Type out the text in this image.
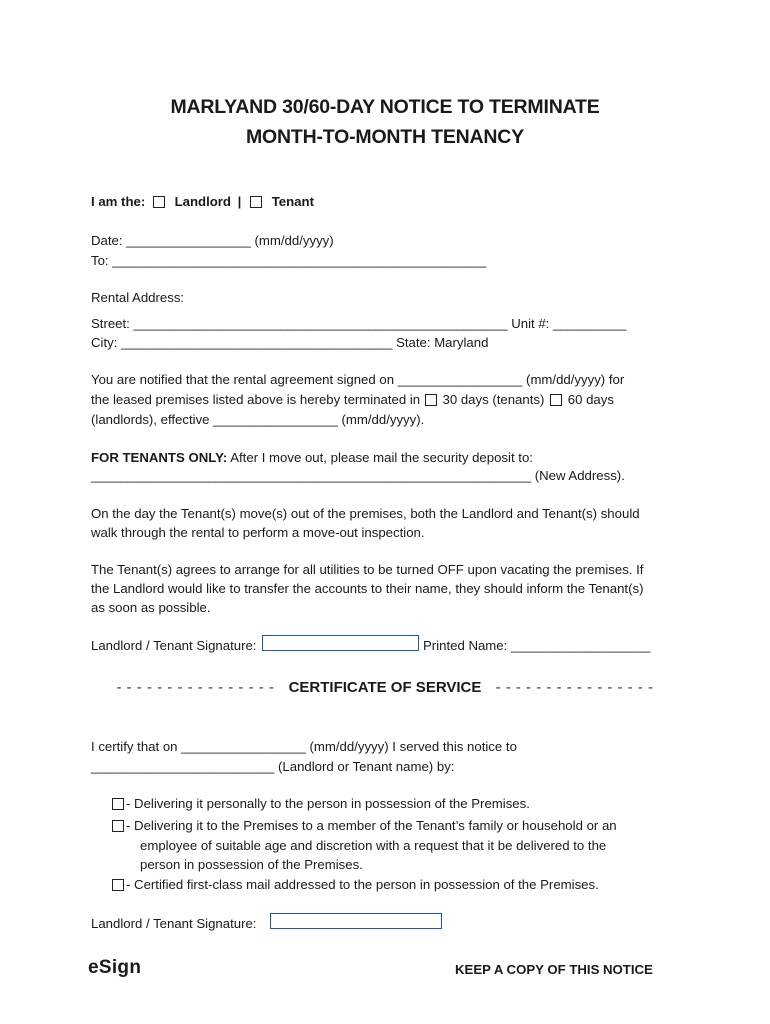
MARLYAND 30/60-DAY NOTICE TO TERMINATE
MONTH-TO-MONTH TENANCY
I am the: Landlord | Tenant
Date: _________________ (mm/dd/yyyy)
To: ___________________________________________________
Rental Address:
Street: ___________________________________________________ Unit #: __________
City: _____________________________________ State: Maryland
You are notified that the rental agreement signed on _________________ (mm/dd/yyyy) for
the leased premises listed above is hereby terminated in 30 days (tenants) 60 days
(landlords), effective _________________ (mm/dd/yyyy).
FOR TENANTS ONLY: After I move out, please mail the security deposit to:
____________________________________________________________ (New Address).
On the day the Tenant(s) move(s) out of the premises, both the Landlord and Tenant(s) should
walk through the rental to perform a move-out inspection.
The Tenant(s) agrees to arrange for all utilities to be turned OFF upon vacating the premises. If
the Landlord would like to transfer the accounts to their name, they should inform the Tenant(s)
as soon as possible.
Landlord / Tenant Signature:	Printed Name: ___________________
- - - - - - - - - - - - - - - - CERTIFICATE OF SERVICE - - - - - - - - - - - - - - - -
I certify that on _________________ (mm/dd/yyyy) I served this notice to
_________________________ (Landlord or Tenant name) by:
- Delivering it personally to the person in possession of the Premises.
- Delivering it to the Premises to a member of the Tenant’s family or household or an
employee of suitable age and discretion with a request that it be delivered to the
person in possession of the Premises.
- Certified first-class mail addressed to the person in possession of the Premises.
Landlord / Tenant Signature:
eSign	KEEP A COPY OF THIS NOTICE
